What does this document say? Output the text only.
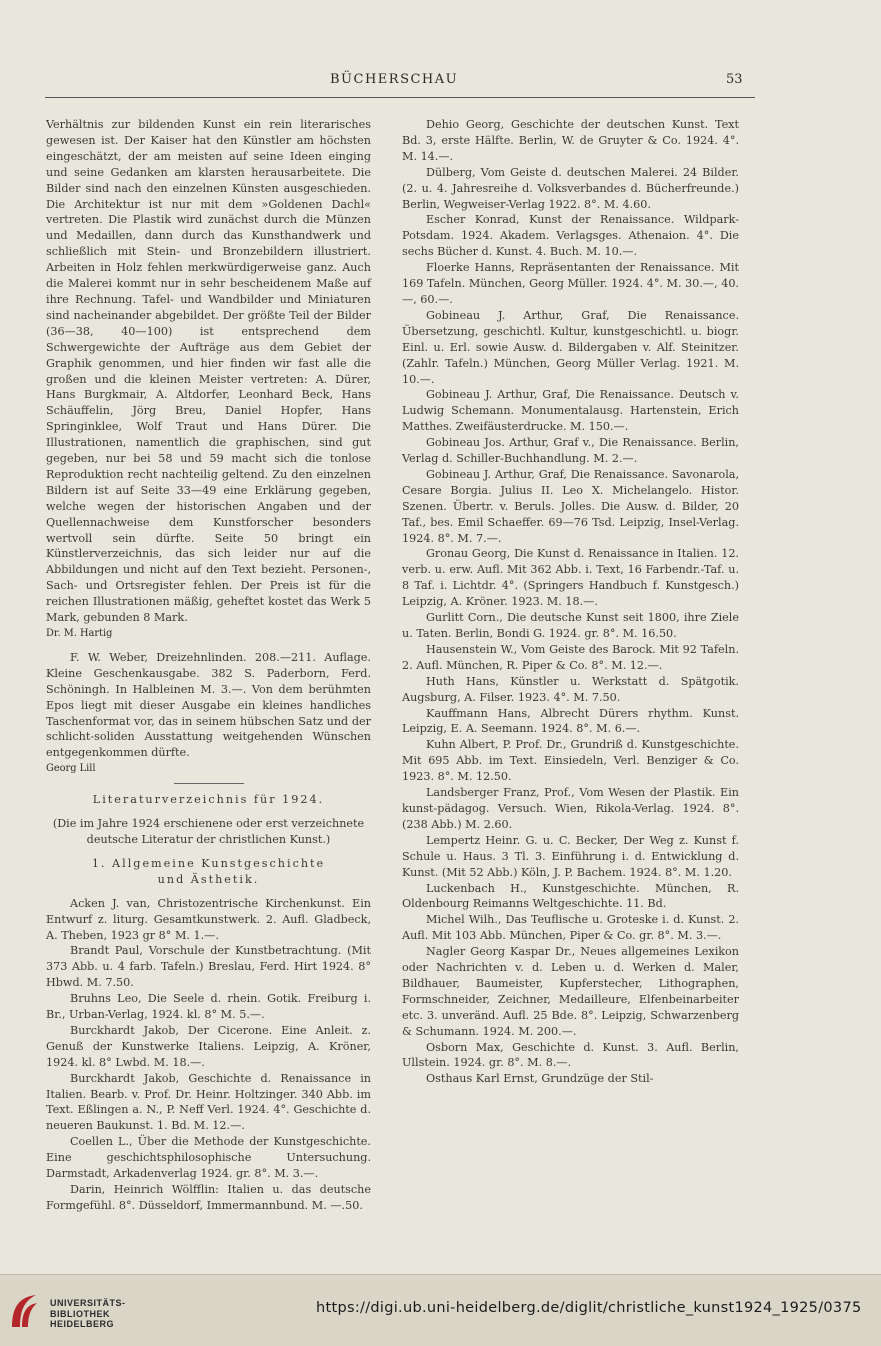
BÜCHERSCHAU	53

Verhältnis zur bildenden Kunst ein rein literarisches gewesen ist. Der Kaiser hat den Künstler am höchsten eingeschätzt, der am meisten auf seine Ideen einging und seine Gedanken am klarsten herausarbeitete. Die Bilder sind nach den einzelnen Künsten ausgeschieden. Die Architektur ist nur mit dem »Goldenen Dachl« vertreten. Die Plastik wird zunächst durch die Münzen und Medaillen, dann durch das Kunsthandwerk und schließlich mit Stein- und Bronzebildern illustriert. Arbeiten in Holz fehlen merkwürdigerweise ganz. Auch die Malerei kommt nur in sehr bescheidenem Maße auf ihre Rechnung. Tafel- und Wandbilder und Miniaturen sind nacheinander abgebildet. Der größte Teil der Bilder (36—38, 40—100) ist entsprechend dem Schwergewichte der Aufträge aus dem Gebiet der Graphik genommen, und hier finden wir fast alle die großen und die kleinen Meister vertreten: A. Dürer, Hans Burgkmair, A. Altdorfer, Leonhard Beck, Hans Schäuffelin, Jörg Breu, Daniel Hopfer, Hans Springinklee, Wolf Traut und Hans Dürer. Die Illustrationen, namentlich die graphischen, sind gut gegeben, nur bei 58 und 59 macht sich die tonlose Reproduktion recht nachteilig geltend. Zu den einzelnen Bildern ist auf Seite 33—49 eine Erklärung gegeben, welche wegen der historischen Angaben und der Quellennachweise dem Kunstforscher besonders wertvoll sein dürfte. Seite 50 bringt ein Künstlerverzeichnis, das sich leider nur auf die Abbildungen und nicht auf den Text bezieht. Personen-, Sach- und Ortsregister fehlen. Der Preis ist für die reichen Illustrationen mäßig, geheftet kostet das Werk 5 Mark, gebunden 8 Mark.

Dr. M. Hartig

F. W. Weber, Dreizehnlinden. 208.—211. Auflage. Kleine Geschenkausgabe. 382 S. Paderborn, Ferd. Schöningh. In Halbleinen M. 3.—. Von dem berühmten Epos liegt mit dieser Ausgabe ein kleines handliches Taschenformat vor, das in seinem hübschen Satz und der schlicht-soliden Ausstattung weitgehenden Wünschen entgegenkommen dürfte.

Georg Lill

Literaturverzeichnis für 1924.

(Die im Jahre 1924 erschienene oder erst verzeichnete deutsche Literatur der christlichen Kunst.)

1. Allgemeine Kunstgeschichte

und Ästhetik.

Acken J. van, Christozentrische Kirchenkunst. Ein Entwurf z. liturg. Gesamtkunstwerk. 2. Aufl. Gladbeck, A. Theben, 1923 gr 8° M. 1.—.

Brandt Paul, Vorschule der Kunstbetrachtung. (Mit 373 Abb. u. 4 farb. Tafeln.) Breslau, Ferd. Hirt 1924. 8° Hbwd. M. 7.50.

Bruhns Leo, Die Seele d. rhein. Gotik. Freiburg i. Br., Urban-Verlag, 1924. kl. 8° M. 5.—.

Burckhardt Jakob, Der Cicerone. Eine Anleit. z. Genuß der Kunstwerke Italiens. Leipzig, A. Kröner, 1924. kl. 8° Lwbd. M. 18.—.

Burckhardt Jakob, Geschichte d. Renaissance in Italien. Bearb. v. Prof. Dr. Heinr. Holtzinger. 340 Abb. im Text. Eßlingen a. N., P. Neff Verl. 1924. 4°. Geschichte d. neueren Baukunst. 1. Bd. M. 12.—.

Coellen L., Über die Methode der Kunstgeschichte. Eine geschichtsphilosophische Untersuchung. Darmstadt, Arkadenverlag 1924. gr. 8°. M. 3.—.

Darin, Heinrich Wölfflin: Italien u. das deutsche Formgefühl. 8°. Düsseldorf, Immermannbund. M. —.50.

Dehio Georg, Geschichte der deutschen Kunst. Text Bd. 3, erste Hälfte. Berlin, W. de Gruyter & Co. 1924. 4°. M. 14.—.

Dülberg, Vom Geiste d. deutschen Malerei. 24 Bilder. (2. u. 4. Jahresreihe d. Volksverbandes d. Bücherfreunde.) Berlin, Wegweiser-Verlag 1922. 8°. M. 4.60.

Escher Konrad, Kunst der Renaissance. Wildpark-Potsdam. 1924. Akadem. Verlagsges. Athenaion. 4°. Die sechs Bücher d. Kunst. 4. Buch. M. 10.—.

Floerke Hanns, Repräsentanten der Renaissance. Mit 169 Tafeln. München, Georg Müller. 1924. 4°. M. 30.—, 40.—, 60.—.

Gobineau J. Arthur, Graf, Die Renaissance. Übersetzung, geschichtl. Kultur, kunstgeschichtl. u. biogr. Einl. u. Erl. sowie Ausw. d. Bildergaben v. Alf. Steinitzer. (Zahlr. Tafeln.) München, Georg Müller Verlag. 1921. M. 10.—.

Gobineau J. Arthur, Graf, Die Renaissance. Deutsch v. Ludwig Schemann. Monumentalausg. Hartenstein, Erich Matthes. Zweifäusterdrucke. M. 150.—.

Gobineau Jos. Arthur, Graf v., Die Renaissance. Berlin, Verlag d. Schiller-Buchhandlung. M. 2.—.

Gobineau J. Arthur, Graf, Die Renaissance. Savonarola, Cesare Borgia. Julius II. Leo X. Michelangelo. Histor. Szenen. Übertr. v. Beruls. Jolles. Die Ausw. d. Bilder, 20 Taf., bes. Emil Schaeffer. 69—76 Tsd. Leipzig, Insel-Verlag. 1924. 8°. M. 7.—.

Gronau Georg, Die Kunst d. Renaissance in Italien. 12. verb. u. erw. Aufl. Mit 362 Abb. i. Text, 16 Farbendr.-Taf. u. 8 Taf. i. Lichtdr. 4°. (Springers Handbuch f. Kunstgesch.) Leipzig, A. Kröner. 1923. M. 18.—.

Gurlitt Corn., Die deutsche Kunst seit 1800, ihre Ziele u. Taten. Berlin, Bondi G. 1924. gr. 8°. M. 16.50.

Hausenstein W., Vom Geiste des Barock. Mit 92 Tafeln. 2. Aufl. München, R. Piper & Co. 8°. M. 12.—.

Huth Hans, Künstler u. Werkstatt d. Spätgotik. Augsburg, A. Filser. 1923. 4°. M. 7.50.

Kauffmann Hans, Albrecht Dürers rhythm. Kunst. Leipzig, E. A. Seemann. 1924. 8°. M. 6.—.

Kuhn Albert, P. Prof. Dr., Grundriß d. Kunstgeschichte. Mit 695 Abb. im Text. Einsiedeln, Verl. Benziger & Co. 1923. 8°. M. 12.50.

Landsberger Franz, Prof., Vom Wesen der Plastik. Ein kunst-pädagog. Versuch. Wien, Rikola-Verlag. 1924. 8°. (238 Abb.) M. 2.60.

Lempertz Heinr. G. u. C. Becker, Der Weg z. Kunst f. Schule u. Haus. 3 Tl. 3. Einführung i. d. Entwicklung d. Kunst. (Mit 52 Abb.) Köln, J. P. Bachem. 1924. 8°. M. 1.20.

Luckenbach H., Kunstgeschichte. München, R. Oldenbourg Reimanns Weltgeschichte. 11. Bd.

Michel Wilh., Das Teuflische u. Groteske i. d. Kunst. 2. Aufl. Mit 103 Abb. München, Piper & Co. gr. 8°. M. 3.—.

Nagler Georg Kaspar Dr., Neues allgemeines Lexikon oder Nachrichten v. d. Leben u. d. Werken d. Maler, Bildhauer, Baumeister, Kupferstecher, Lithographen, Formschneider, Zeichner, Medailleure, Elfenbeinarbeiter etc. 3. unveränd. Aufl. 25 Bde. 8°. Leipzig, Schwarzenberg & Schumann. 1924. M. 200.—.

Osborn Max, Geschichte d. Kunst. 3. Aufl. Berlin, Ullstein. 1924. gr. 8°. M. 8.—.

Osthaus Karl Ernst, Grundzüge der Stil-

UNIVERSITÄTS-
BIBLIOTHEK
HEIDELBERG
https://digi.ub.uni-heidelberg.de/diglit/christliche_kunst1924_1925/0375
